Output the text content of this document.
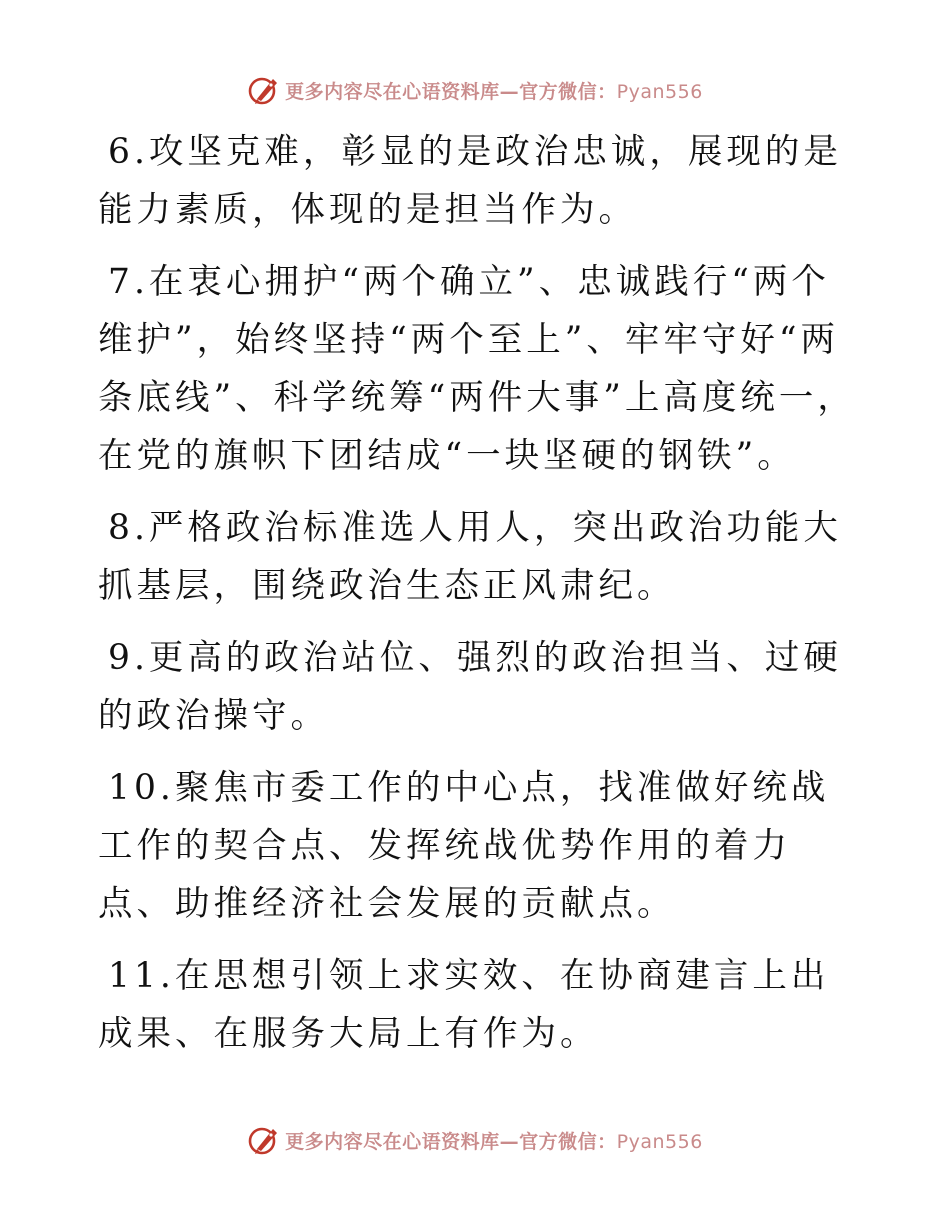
更多内容尽在心语资料库—官方微信：Pyan556

6.攻坚克难，彰显的是政治忠诚，展现的是能力素质，体现的是担当作为。

7.在衷心拥护“两个确立”、忠诚践行“两个维护”，始终坚持“两个至上”、牢牢守好“两条底线”、科学统筹“两件大事”上高度统一，在党的旗帜下团结成“一块坚硬的钢铁”。

8.严格政治标准选人用人，突出政治功能大抓基层，围绕政治生态正风肃纪。

9.更高的政治站位、强烈的政治担当、过硬的政治操守。

10.聚焦市委工作的中心点，找准做好统战工作的契合点、发挥统战优势作用的着力点、助推经济社会发展的贡献点。

11.在思想引领上求实效、在协商建言上出成果、在服务大局上有作为。

更多内容尽在心语资料库—官方微信：Pyan556
